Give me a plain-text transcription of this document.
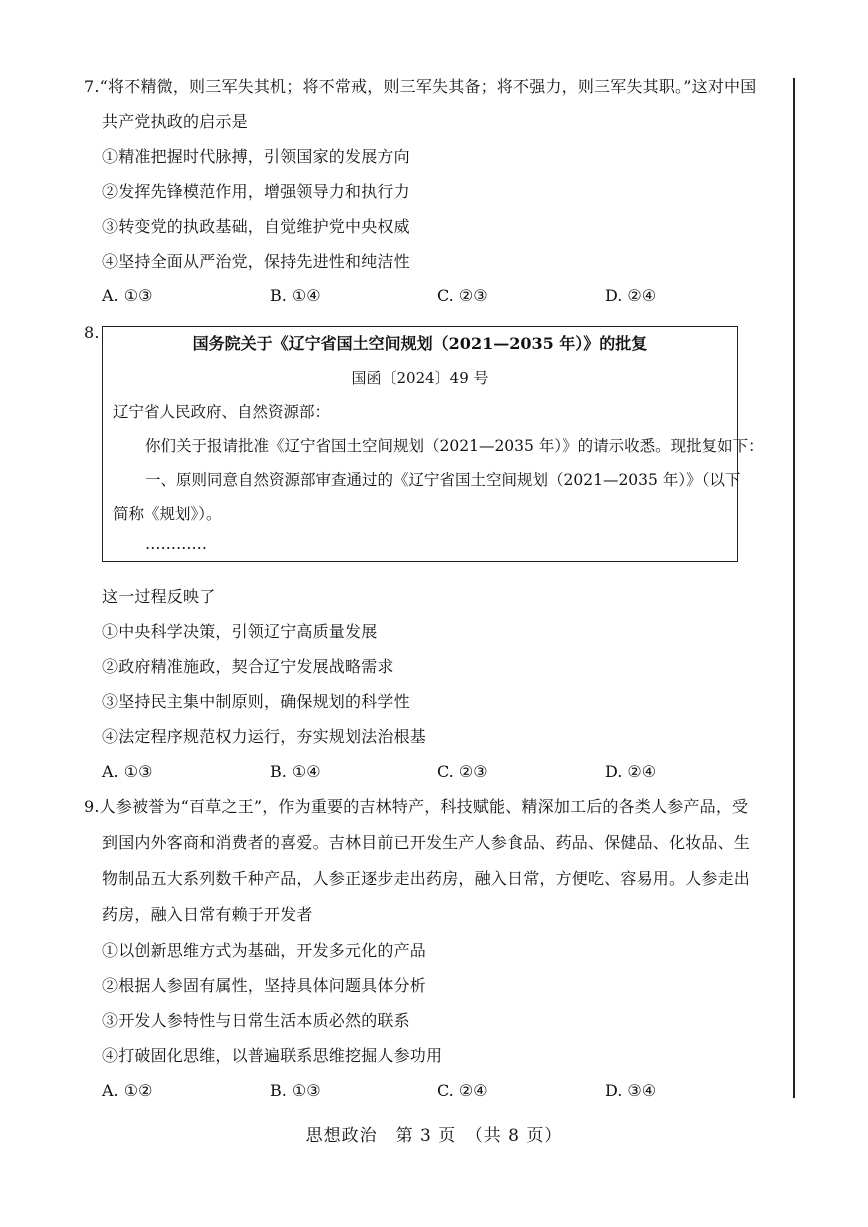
7.“将不精微，则三军失其机；将不常戒，则三军失其备；将不强力，则三军失其职。”这对中国
共产党执政的启示是
①精准把握时代脉搏，引领国家的发展方向
②发挥先锋模范作用，增强领导力和执行力
③转变党的执政基础，自觉维护党中央权威
④坚持全面从严治党，保持先进性和纯洁性
A. ①③	B. ①④	C. ②③	D. ②④
8.
国务院关于《辽宁省国土空间规划（2021—2035 年）》的批复
国函〔2024〕49 号
辽宁省人民政府、自然资源部：
你们关于报请批准《辽宁省国土空间规划（2021—2035 年）》的请示收悉。现批复如下：
一、原则同意自然资源部审查通过的《辽宁省国土空间规划（2021—2035 年）》（以下
简称《规划》）。
…………
这一过程反映了
①中央科学决策，引领辽宁高质量发展
②政府精准施政，契合辽宁发展战略需求
③坚持民主集中制原则，确保规划的科学性
④法定程序规范权力运行，夯实规划法治根基
A. ①③	B. ①④	C. ②③	D. ②④
9.人参被誉为“百草之王”，作为重要的吉林特产，科技赋能、精深加工后的各类人参产品，受
到国内外客商和消费者的喜爱。吉林目前已开发生产人参食品、药品、保健品、化妆品、生
物制品五大系列数千种产品，人参正逐步走出药房，融入日常，方便吃、容易用。人参走出
药房，融入日常有赖于开发者
①以创新思维方式为基础，开发多元化的产品
②根据人参固有属性，坚持具体问题具体分析
③开发人参特性与日常生活本质必然的联系
④打破固化思维，以普遍联系思维挖掘人参功用
A. ①②	B. ①③	C. ②④	D. ③④
思想政治　第 3 页　（共 8 页）
